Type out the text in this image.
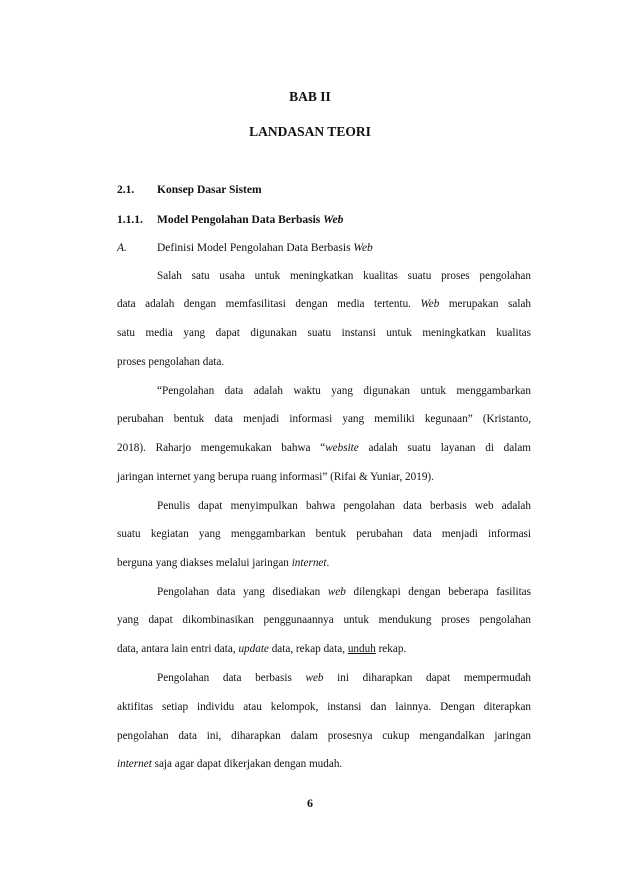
BAB II
LANDASAN TEORI
2.1. Konsep Dasar Sistem
1.1.1. Model Pengolahan Data Berbasis Web
A.	Definisi Model Pengolahan Data Berbasis Web
Salah satu usaha untuk meningkatkan kualitas suatu proses pengolahan
data adalah dengan memfasilitasi dengan media tertentu. Web merupakan salah
satu media yang dapat digunakan suatu instansi untuk meningkatkan kualitas
proses pengolahan data.
“Pengolahan data adalah waktu yang digunakan untuk menggambarkan
perubahan bentuk data menjadi informasi yang memiliki kegunaan” (Kristanto,
2018). Raharjo mengemukakan bahwa “website adalah suatu layanan di dalam
jaringan internet yang berupa ruang informasi” (Rifai & Yuniar, 2019).
Penulis dapat menyimpulkan bahwa pengolahan data berbasis web adalah
suatu kegiatan yang menggambarkan bentuk perubahan data menjadi informasi
berguna yang diakses melalui jaringan internet.
Pengolahan data yang disediakan web dilengkapi dengan beberapa fasilitas
yang dapat dikombinasikan penggunaannya untuk mendukung proses pengolahan
data, antara lain entri data, update data, rekap data, unduh rekap.
Pengolahan data berbasis web ini diharapkan dapat mempermudah
aktifitas setiap individu atau kelompok, instansi dan lainnya. Dengan diterapkan
pengolahan data ini, diharapkan dalam prosesnya cukup mengandalkan jaringan
internet saja agar dapat dikerjakan dengan mudah.
6
